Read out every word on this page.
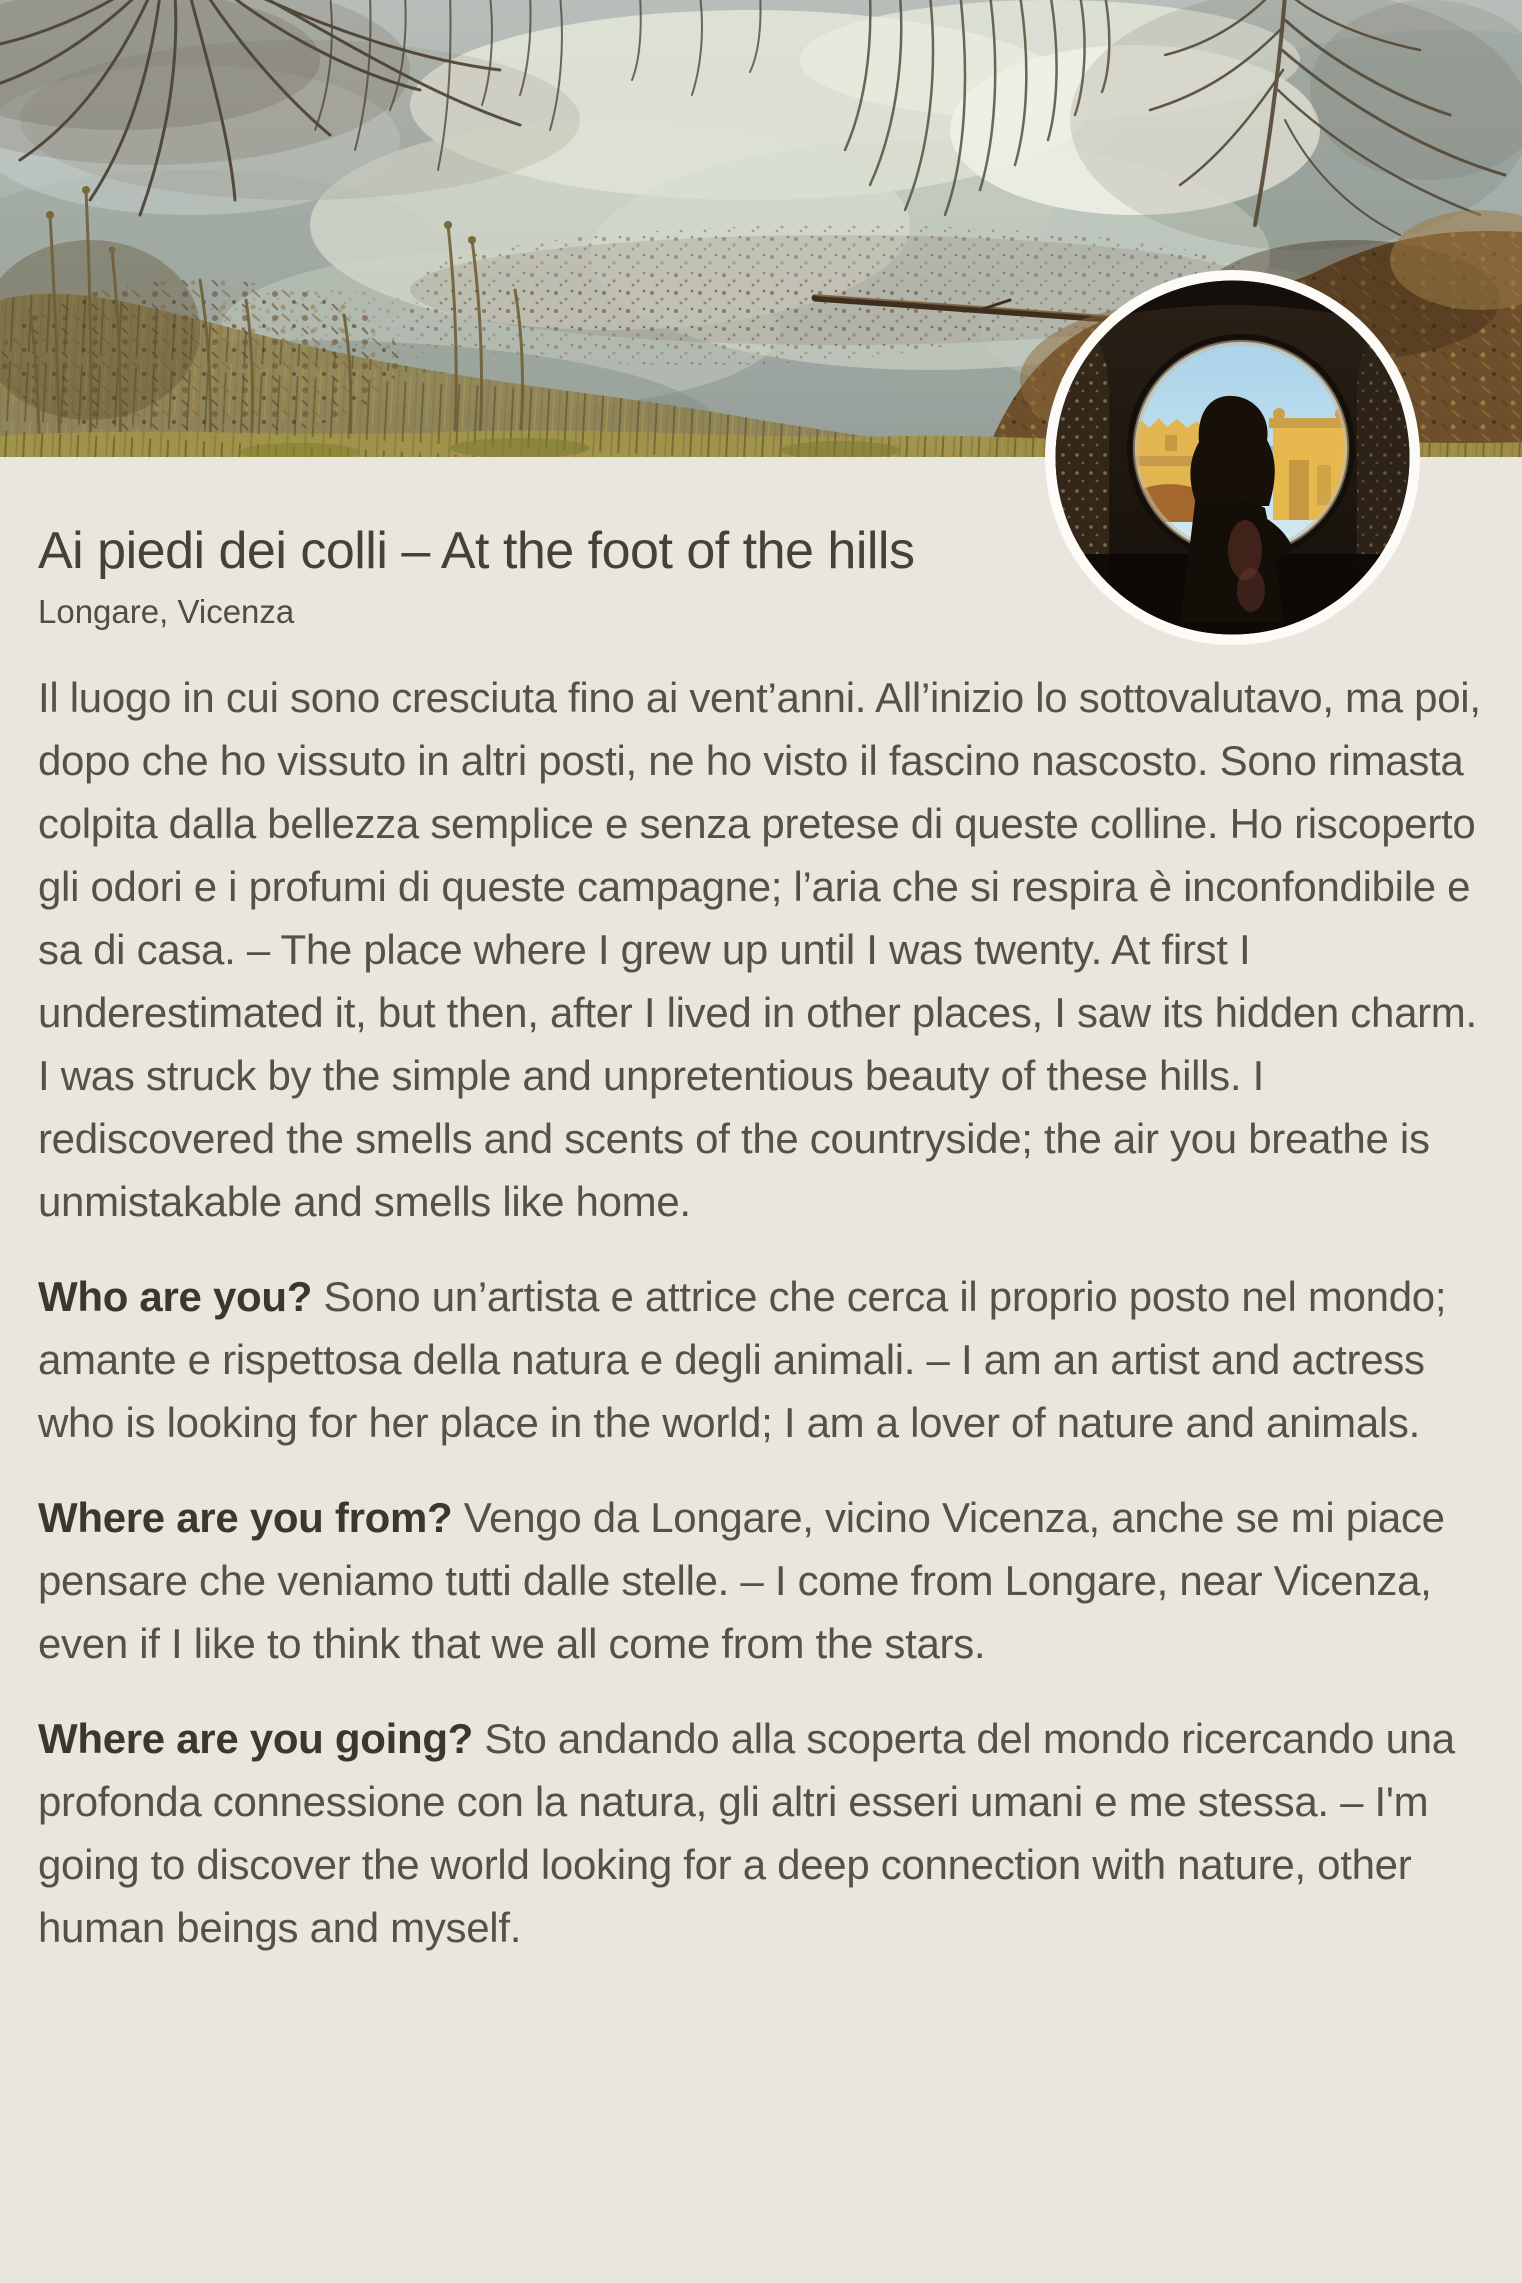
Ai piedi dei colli – At the foot of the hills

Longare, Vicenza

Il luogo in cui sono cresciuta fino ai vent’anni. All’inizio lo sottovalutavo, ma poi, dopo che ho vissuto in altri posti, ne ho visto il fascino nascosto. Sono rimasta colpita dalla bellezza semplice e senza pretese di queste colline. Ho riscoperto gli odori e i profumi di queste campagne; l’aria che si respira è inconfondibile e sa di casa. – The place where I grew up until I was twenty. At first I underestimated it, but then, after I lived in other places, I saw its hidden charm. I was struck by the simple and unpretentious beauty of these hills. I rediscovered the smells and scents of the countryside; the air you breathe is unmistakable and smells like home.

Who are you? Sono un’artista e attrice che cerca il proprio posto nel mondo; amante e rispettosa della natura e degli animali. – I am an artist and actress who is looking for her place in the world; I am a lover of nature and animals.

Where are you from? Vengo da Longare, vicino Vicenza, anche se mi piace pensare che veniamo tutti dalle stelle. – I come from Longare, near Vicenza, even if I like to think that we all come from the stars.

Where are you going? Sto andando alla scoperta del mondo ricercando una profonda connessione con la natura, gli altri esseri umani e me stessa. – I'm going to discover the world looking for a deep connection with nature, other human beings and myself.
